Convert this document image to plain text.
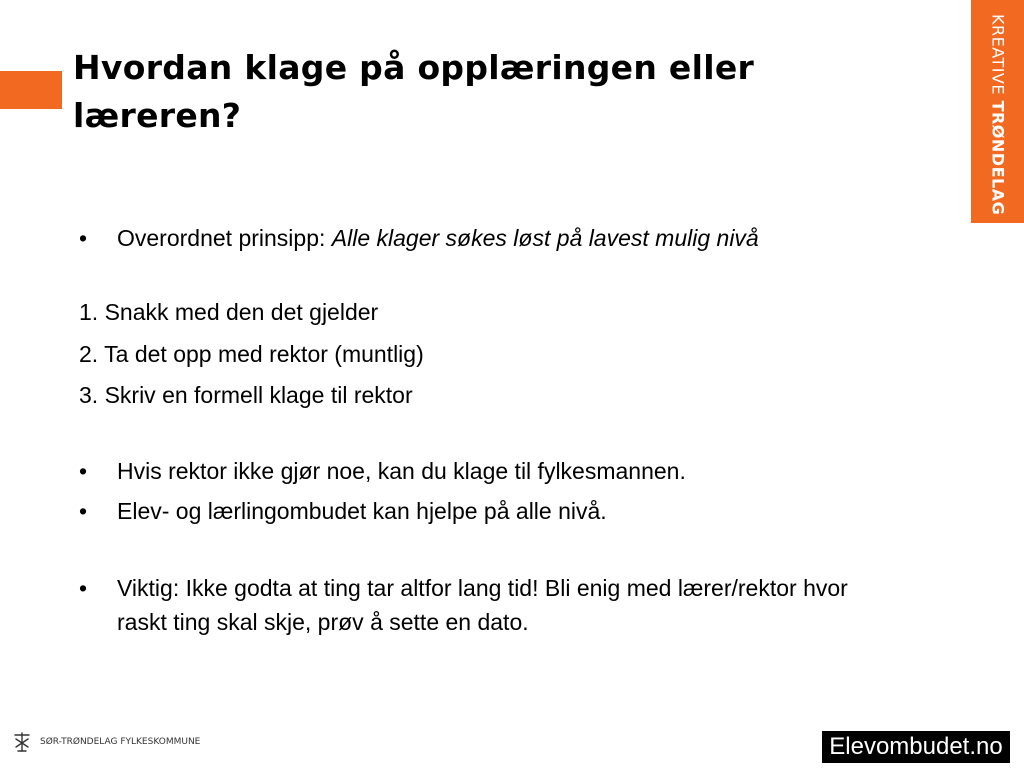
Hvordan klage på opplæringen eller læreren?
KREATIVE TRØNDELAG
•	Overordnet prinsipp: Alle klager søkes løst på lavest mulig nivå
1. Snakk med den det gjelder
2. Ta det opp med rektor (muntlig)
3. Skriv en formell klage til rektor
•	Hvis rektor ikke gjør noe, kan du klage til fylkesmannen.
•	Elev- og lærlingombudet kan hjelpe på alle nivå.
•	Viktig: Ikke godta at ting tar altfor lang tid! Bli enig med lærer/rektor hvor raskt ting skal skje, prøv å sette en dato.
SØR-TRØNDELAG FYLKESKOMMUNE	Elevombudet.no
